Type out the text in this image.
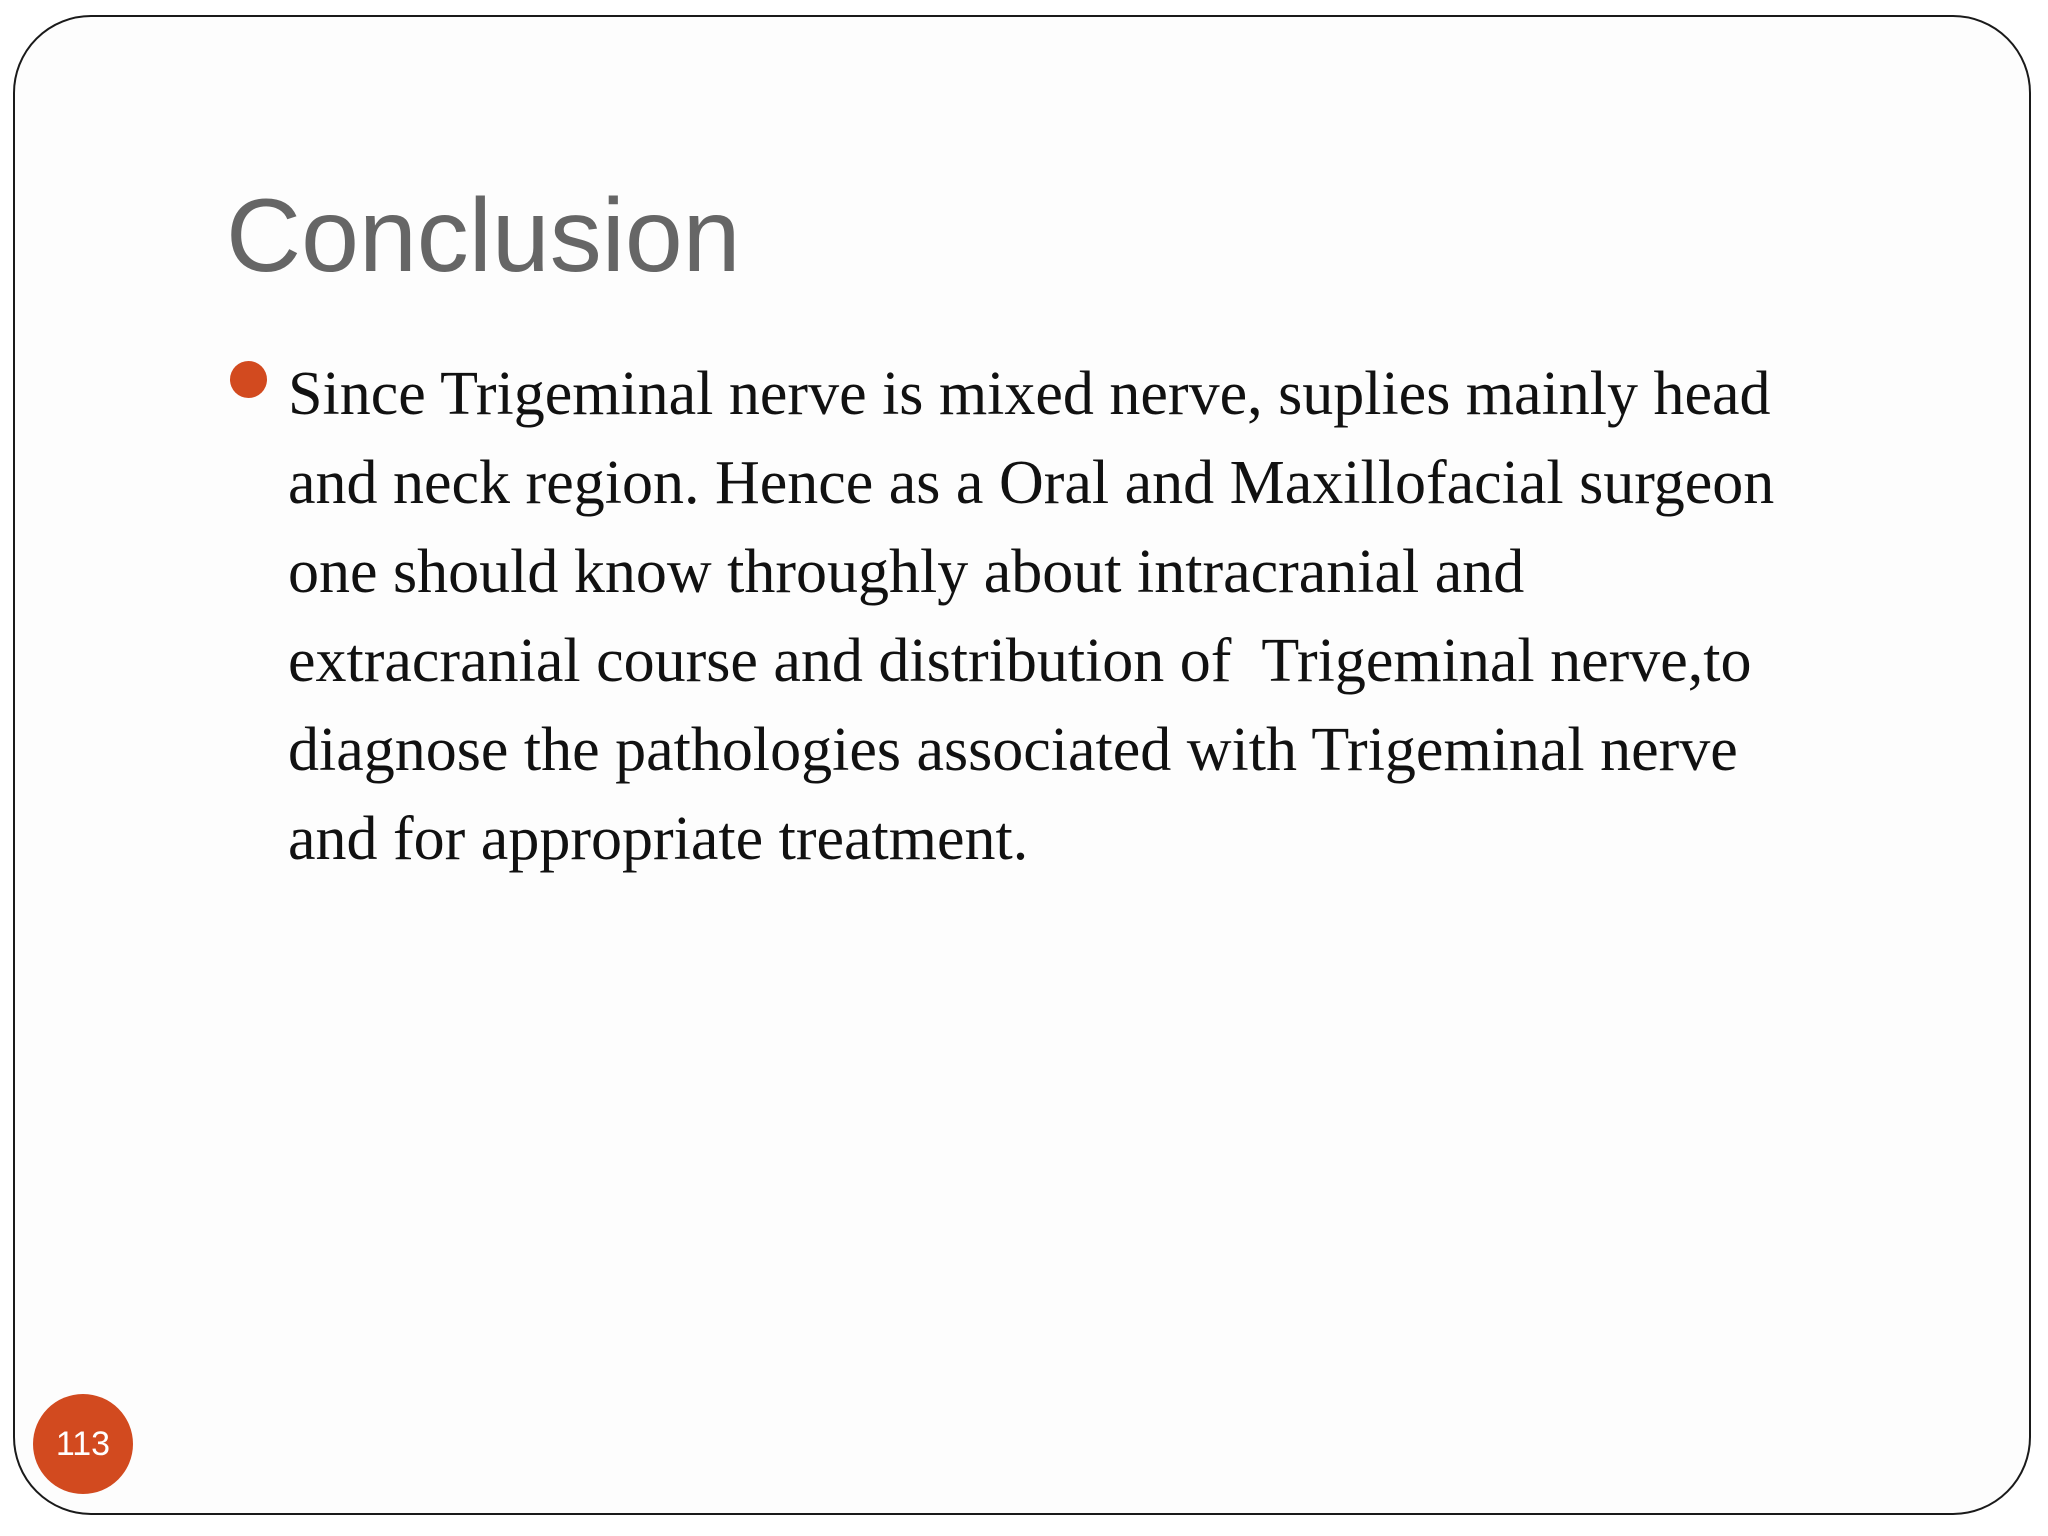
Conclusion
Since Trigeminal nerve is mixed nerve, suplies mainly head
and neck region. Hence as a Oral and Maxillofacial surgeon
one should know throughly about intracranial and
extracranial course and distribution of  Trigeminal nerve,to
diagnose the pathologies associated with Trigeminal nerve
and for appropriate treatment.
113
